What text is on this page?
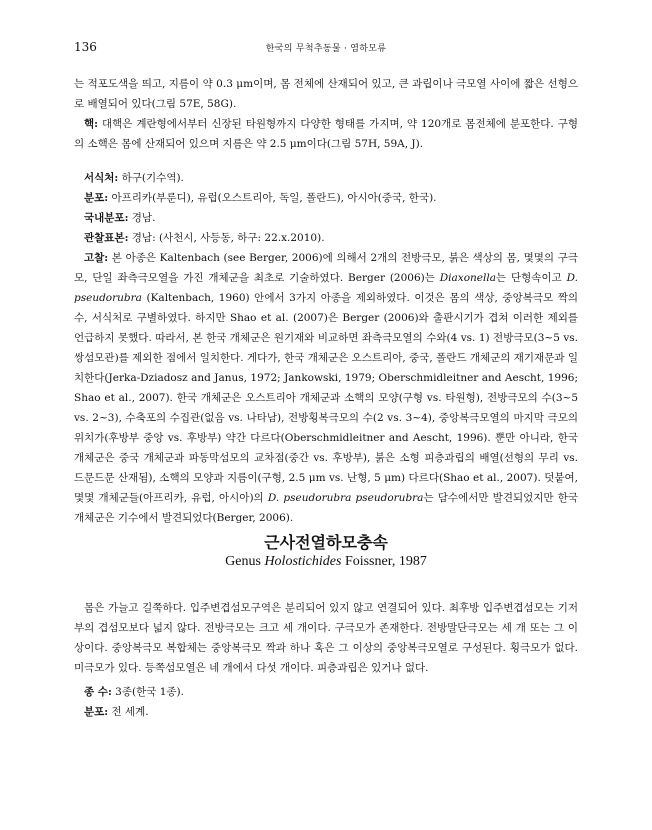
136	한국의 무척추동물 · 염하모류

는 적포도색을 띄고, 지름이 약 0.3 μm이며, 몸 전체에 산재되어 있고, 큰 과립이나 극모열 사이에 짧은 선형으로 배열되어 있다(그림 57E, 58G).

핵: 대핵은 계란형에서부터 신장된 타원형까지 다양한 형태를 가지며, 약 120개로 몸전체에 분포한다. 구형의 소핵은 몸에 산재되어 있으며 지름은 약 2.5 μm이다(그림 57H, 59A, J).

서식처: 하구(기수역).

분포: 아프리카(부룬디), 유럽(오스트리아, 독일, 폴란드), 아시아(중국, 한국).

국내분포: 경남.

관찰표본: 경남: (사천시, 사등동, 하구: 22.x.2010).

고찰: 본 아종은 Kaltenbach (see Berger, 2006)에 의해서 2개의 전방극모, 붉은 색상의 몸, 몇몇의 구극모, 단일 좌측극모열을 가진 개체군을 최초로 기술하였다. Berger (2006)는 Diaxonella는 단형속이고 D. pseudorubra (Kaltenbach, 1960) 안에서 3가지 아종을 제외하였다. 이것은 몸의 색상, 중앙복극모 짝의 수, 서식처로 구별하였다. 하지만 Shao et al. (2007)은 Berger (2006)와 출판시기가 겹쳐 이러한 제외를 언급하지 못했다. 따라서, 본 한국 개체군은 원기재와 비교하면 좌측극모열의 수와(4 vs. 1) 전방극모(3~5 vs. 쌍섬모관)를 제외한 점에서 일치한다. 게다가, 한국 개체군은 오스트리아, 중국, 폴란드 개체군의 재기재문과 일치한다(Jerka-Dziadosz and Janus, 1972; Jankowski, 1979; Oberschmidleitner and Aescht, 1996; Shao et al., 2007). 한국 개체군은 오스트리아 개체군과 소핵의 모양(구형 vs. 타원형), 전방극모의 수(3~5 vs. 2~3), 수축포의 수집관(없음 vs. 나타남), 전방횡복극모의 수(2 vs. 3~4), 중앙복극모열의 마지막 극모의 위치가(후방부 중앙 vs. 후방부) 약간 다르다(Oberschmidleitner and Aescht, 1996). 뿐만 아니라, 한국 개체군은 중국 개체군과 파동막섬모의 교차점(중간 vs. 후방부), 붉은 소형 피층과립의 배열(선형의 무리 vs. 드문드문 산재됨), 소핵의 모양과 지름이(구형, 2.5 μm vs. 난형, 5 μm) 다르다(Shao et al., 2007). 덧붙여, 몇몇 개체군들(아프리카, 유럽, 아시아)의 D. pseudorubra pseudorubra는 담수에서만 발견되었지만 한국 개체군은 기수에서 발견되었다(Berger, 2006).

근사전열하모충속
Genus Holostichides Foissner, 1987

몸은 가늘고 길쭉하다. 입주변겹섬모구역은 분리되어 있지 않고 연결되어 있다. 최후방 입주변겹섬모는 기저부의 겹섬모보다 넓지 않다. 전방극모는 크고 세 개이다. 구극모가 존재한다. 전방말단극모는 세 개 또는 그 이상이다. 중앙복극모 복합체는 중앙복극모 짝과 하나 혹은 그 이상의 중앙복극모열로 구성된다. 횡극모가 없다. 미극모가 있다. 등쪽섬모열은 네 개에서 다섯 개이다. 피층과립은 있거나 없다.

종 수: 3종(한국 1종).

분포: 전 세계.
